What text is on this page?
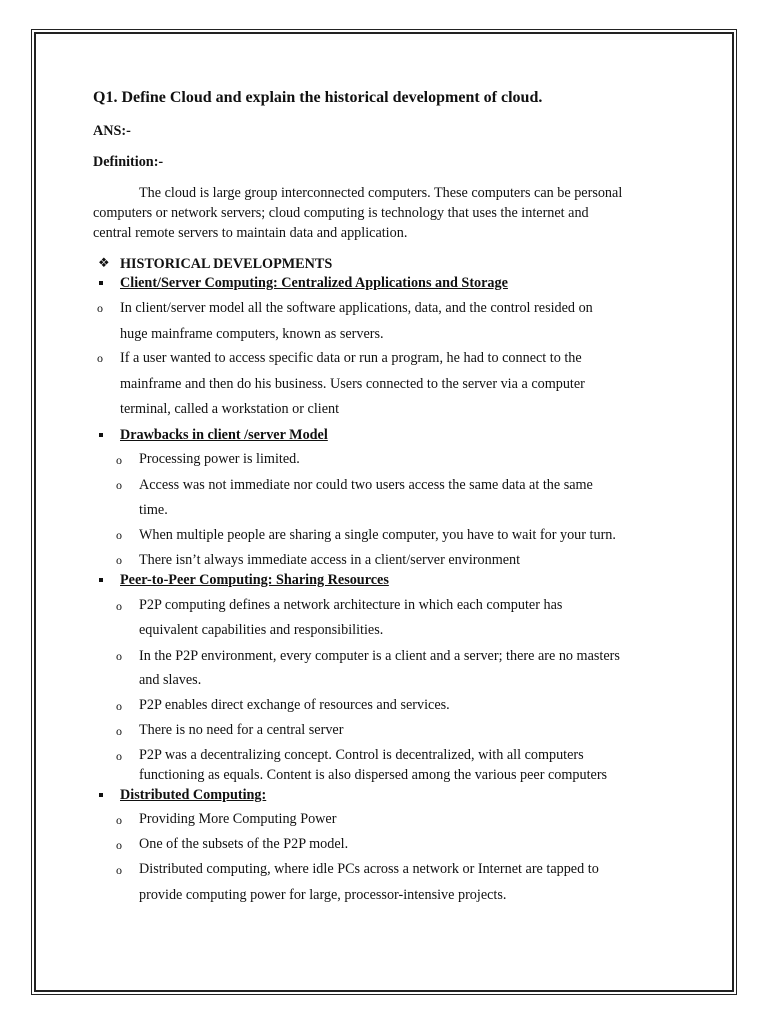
Q1. Define Cloud and explain the historical development of cloud.
ANS:-
Definition:-
The cloud is large group interconnected computers. These computers can be personal
computers or network servers; cloud computing is technology that uses the internet and
central remote servers to maintain data and application.
❖ HISTORICAL DEVELOPMENTS
Client/Server Computing: Centralized Applications and Storage
o In client/server model all the software applications, data, and the control resided on
huge mainframe computers, known as servers.
o If a user wanted to access specific data or run a program, he had to connect to the
mainframe and then do his business. Users connected to the server via a computer
terminal, called a workstation or client
Drawbacks in client /server Model
o Processing power is limited.
o Access was not immediate nor could two users access the same data at the same
time.
o When multiple people are sharing a single computer, you have to wait for your turn.
o There isn’t always immediate access in a client/server environment
Peer-to-Peer Computing: Sharing Resources
o P2P computing defines a network architecture in which each computer has
equivalent capabilities and responsibilities.
o In the P2P environment, every computer is a client and a server; there are no masters
and slaves.
o P2P enables direct exchange of resources and services.
o There is no need for a central server
o P2P was a decentralizing concept. Control is decentralized, with all computers
functioning as equals. Content is also dispersed among the various peer computers
Distributed Computing:
o Providing More Computing Power
o One of the subsets of the P2P model.
o Distributed computing, where idle PCs across a network or Internet are tapped to
provide computing power for large, processor-intensive projects.
